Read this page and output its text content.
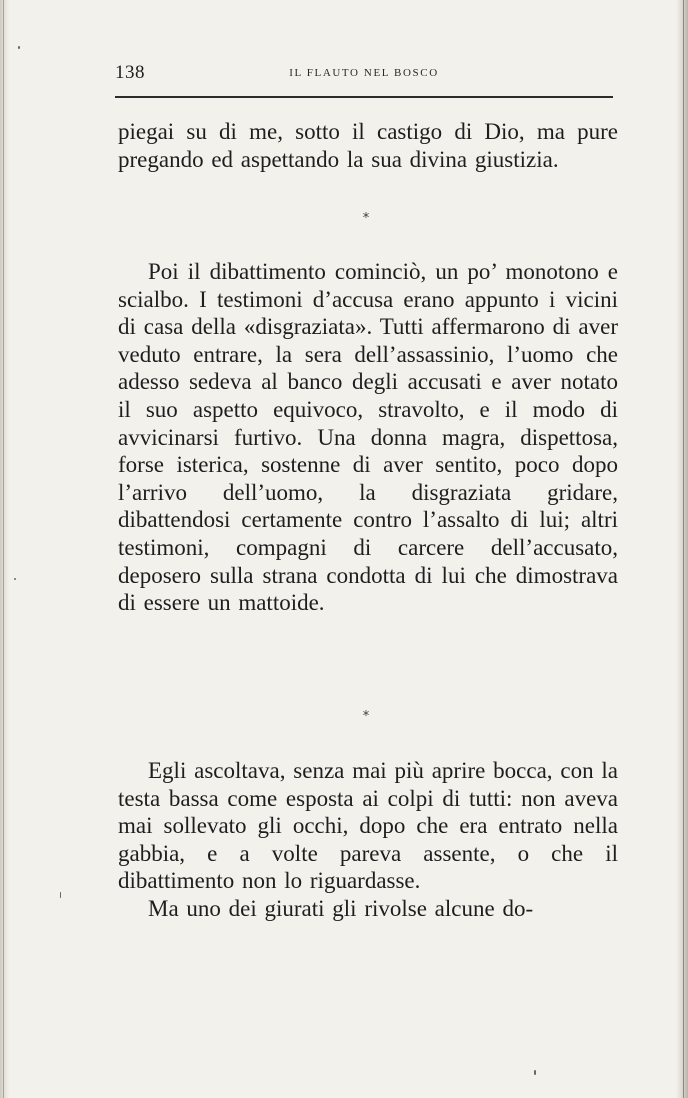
138	IL FLAUTO NEL BOSCO

piegai su di me, sotto il castigo di Dio, ma pure pregando ed aspettando la sua divina giustizia.

*

Poi il dibattimento cominciò, un po’ monotono e scialbo. I testimoni d’accusa erano appunto i vicini di casa della «disgraziata». Tutti affermarono di aver veduto entrare, la sera dell’assassinio, l’uomo che adesso sedeva al banco degli accusati e aver notato il suo aspetto equivoco, stravolto, e il modo di avvicinarsi furtivo. Una donna magra, dispettosa, forse isterica, sostenne di aver sentito, poco dopo l’arrivo dell’uomo, la disgraziata gridare, dibattendosi certamente contro l’assalto di lui; altri testimoni, compagni di carcere dell’accusato, deposero sulla strana condotta di lui che dimostrava di essere un mattoide.

*

Egli ascoltava, senza mai più aprire bocca, con la testa bassa come esposta ai colpi di tutti: non aveva mai sollevato gli occhi, dopo che era entrato nella gabbia, e a volte pareva assente, o che il dibattimento non lo riguardasse.

Ma uno dei giurati gli rivolse alcune do-
